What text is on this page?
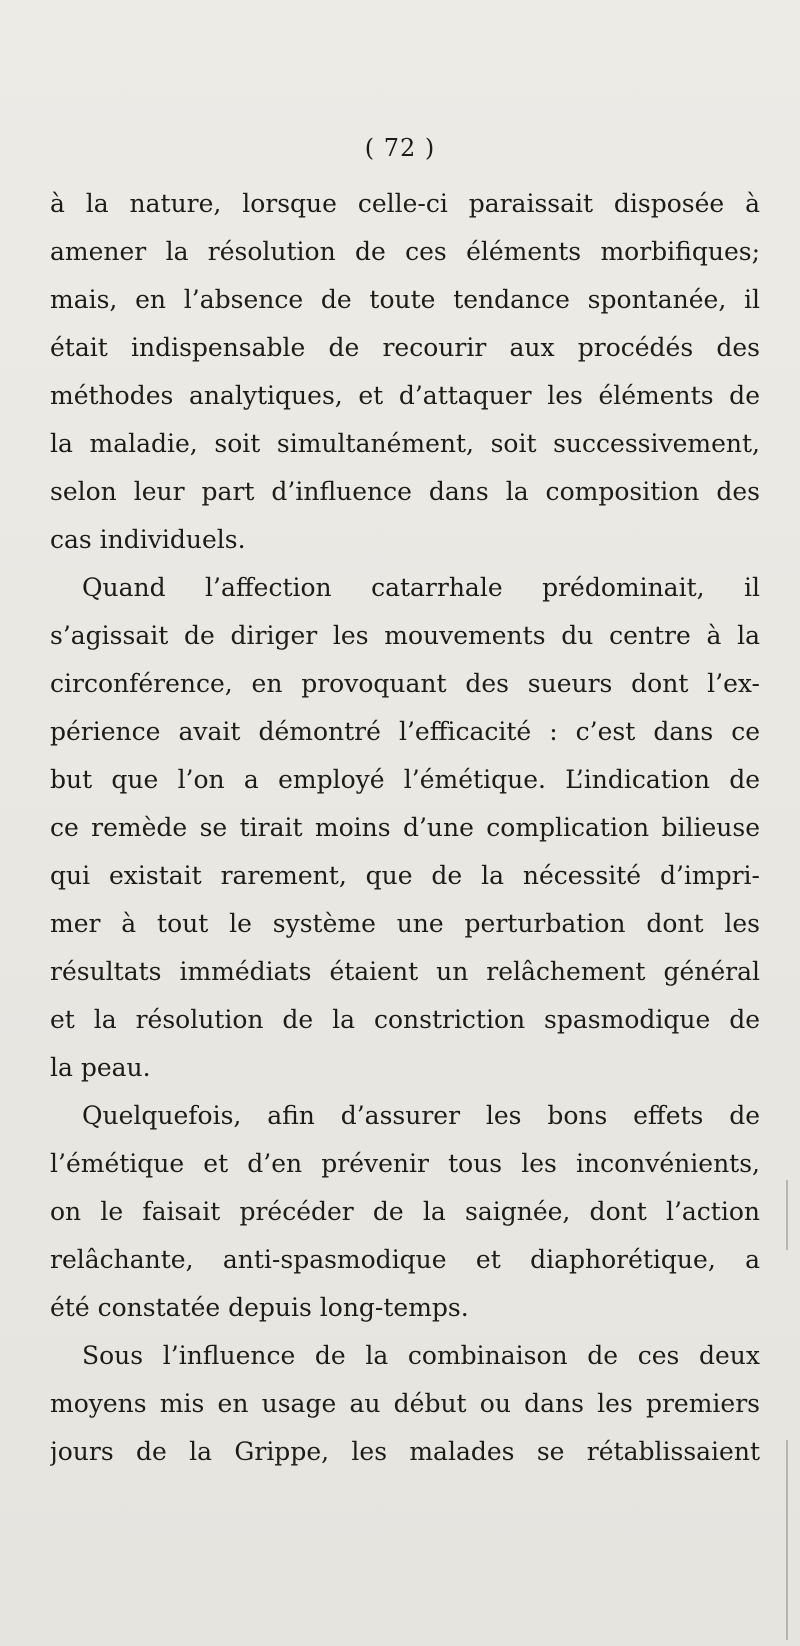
( 72 )
à la nature, lorsque celle-ci paraissait disposée à
amener la résolution de ces éléments morbifiques;
mais, en l’absence de toute tendance spontanée, il
était indispensable de recourir aux procédés des
méthodes analytiques, et d’attaquer les éléments de
la maladie, soit simultanément, soit successivement,
selon leur part d’influence dans la composition des
cas individuels.
Quand l’affection catarrhale prédominait, il
s’agissait de diriger les mouvements du centre à la
circonférence, en provoquant des sueurs dont l’ex-
périence avait démontré l’efficacité : c’est dans ce
but que l’on a employé l’émétique. L’indication de
ce remède se tirait moins d’une complication bilieuse
qui existait rarement, que de la nécessité d’impri-
mer à tout le système une perturbation dont les
résultats immédiats étaient un relâchement général
et la résolution de la constriction spasmodique de
la peau.
Quelquefois, afin d’assurer les bons effets de
l’émétique et d’en prévenir tous les inconvénients,
on le faisait précéder de la saignée, dont l’action
relâchante, anti-spasmodique et diaphorétique, a
été constatée depuis long-temps.
Sous l’influence de la combinaison de ces deux
moyens mis en usage au début ou dans les premiers
jours de la Grippe, les malades se rétablissaient
